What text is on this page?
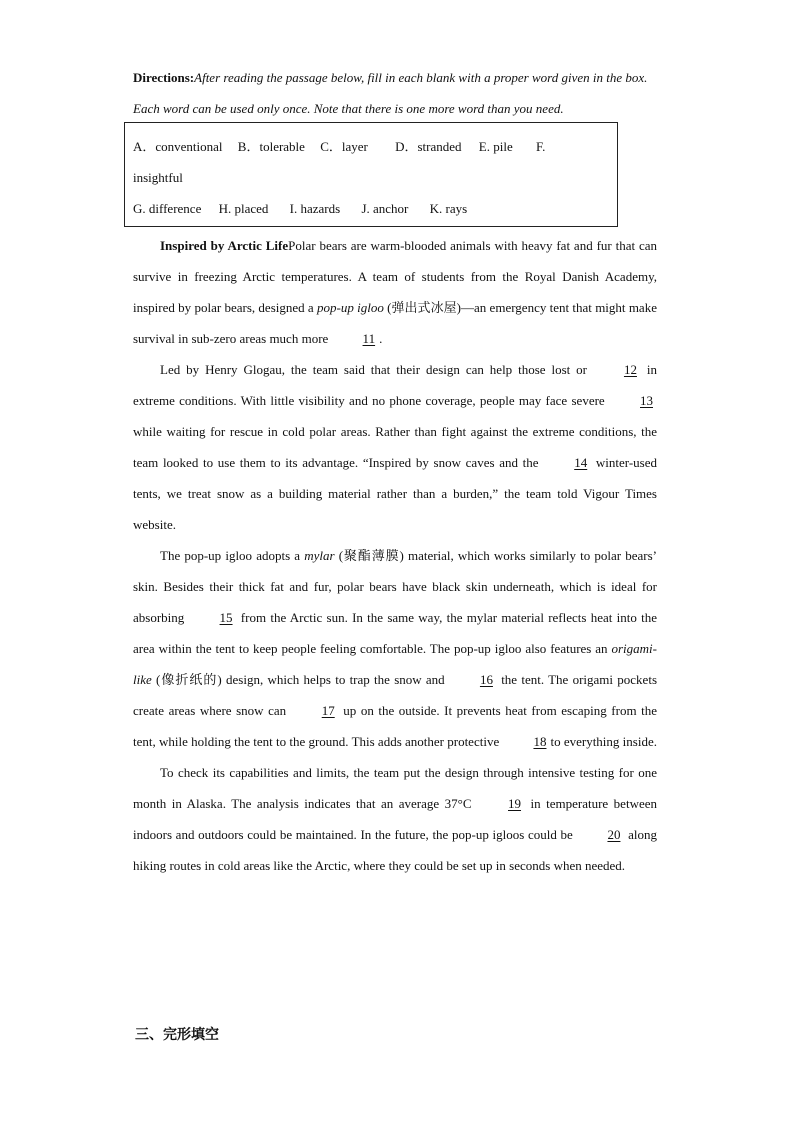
Directions:After reading the passage below, fill in each blank with a proper word given in the box. Each word can be used only once. Note that there is one more word than you need.

A．conventional B．tolerable C．layer D．stranded E. pile F.
insightful
G. difference H. placed I. hazards J. anchor K. rays

Inspired by Arctic LifePolar bears are warm-blooded animals with heavy fat and fur that can survive in freezing Arctic temperatures. A team of students from the Royal Danish Academy, inspired by polar bears, designed a pop-up igloo (弹出式冰屋)—an emergency tent that might make survival in sub-zero areas much more 11 .

Led by Henry Glogau, the team said that their design can help those lost or 12 in extreme conditions. With little visibility and no phone coverage, people may face severe 13 while waiting for rescue in cold polar areas. Rather than fight against the extreme conditions, the team looked to use them to its advantage. “Inspired by snow caves and the 14 winter-used tents, we treat snow as a building material rather than a burden,” the team told Vigour Times website.

The pop-up igloo adopts a mylar (聚酯薄膜) material, which works similarly to polar bears’ skin. Besides their thick fat and fur, polar bears have black skin underneath, which is ideal for absorbing 15 from the Arctic sun. In the same way, the mylar material reflects heat into the area within the tent to keep people feeling comfortable. The pop-up igloo also features an origami-like (像折纸的) design, which helps to trap the snow and 16 the tent. The origami pockets create areas where snow can 17 up on the outside. It prevents heat from escaping from the tent, while holding the tent to the ground. This adds another protective 18 to everything inside.

To check its capabilities and limits, the team put the design through intensive testing for one month in Alaska. The analysis indicates that an average 37°C 19 in temperature between indoors and outdoors could be maintained. In the future, the pop-up igloos could be 20 along hiking routes in cold areas like the Arctic, where they could be set up in seconds when needed.

三、完形填空
